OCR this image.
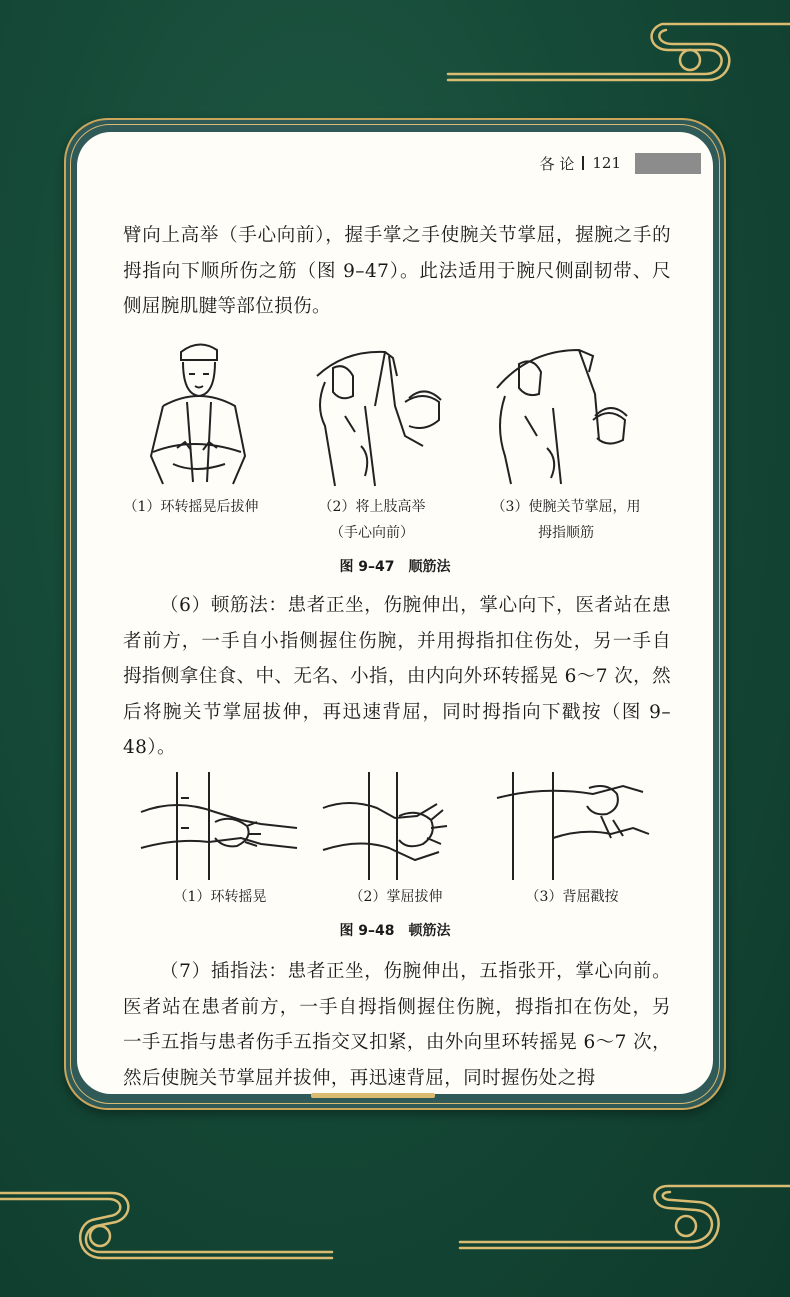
各 论 121
臂向上高举（手心向前），握手掌之手使腕关节掌屈，握腕之手的拇指向下顺所伤之筋（图 9–47）。此法适用于腕尺侧副韧带、尺侧屈腕肌腱等部位损伤。
（1）环转摇晃后拔伸	（2）将上肢高举
（手心向前）
（3）使腕关节掌屈，用
拇指顺筋
图 9–47　顺筋法
（6）顿筋法：患者正坐，伤腕伸出，掌心向下，医者站在患者前方，一手自小指侧握住伤腕，并用拇指扣住伤处，另一手自拇指侧拿住食、中、无名、小指，由内向外环转摇晃 6～7 次，然后将腕关节掌屈拔伸，再迅速背屈，同时拇指向下戳按（图 9–48）。
（1）环转摇晃	（2）掌屈拔伸	（3）背屈戳按
图 9–48　顿筋法
（7）插指法：患者正坐，伤腕伸出，五指张开，掌心向前。医者站在患者前方，一手自拇指侧握住伤腕，拇指扣在伤处，另一手五指与患者伤手五指交叉扣紧，由外向里环转摇晃 6～7 次，然后使腕关节掌屈并拔伸，再迅速背屈，同时握伤处之拇
